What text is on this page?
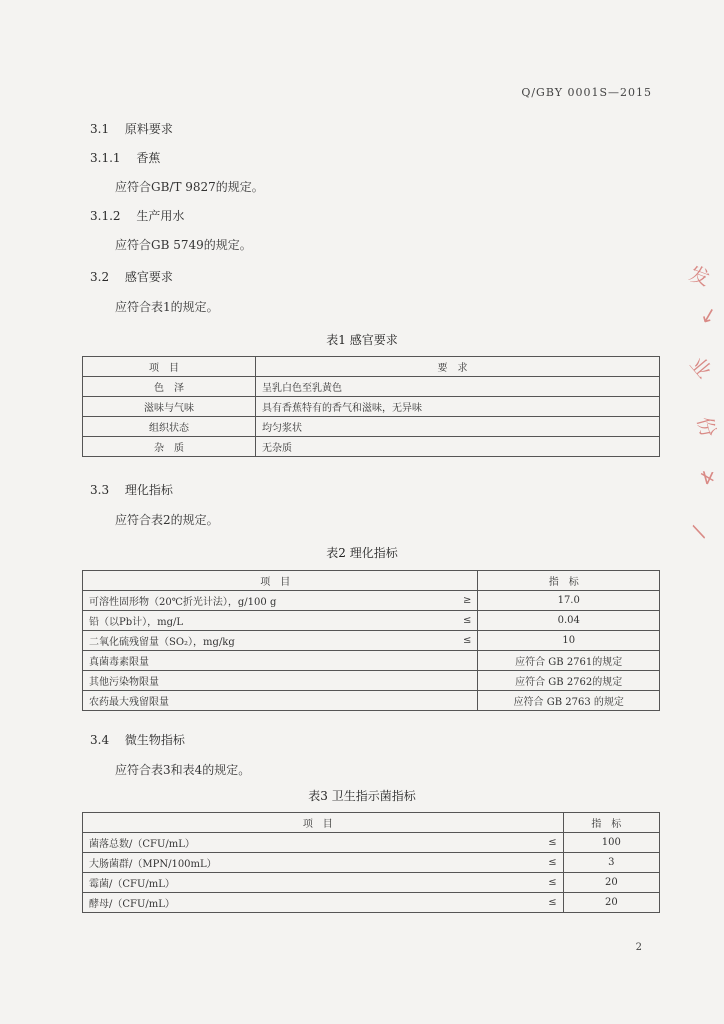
Q/GBY 0001S—2015
3.1 原料要求
3.1.1 香蕉
应符合GB/T 9827的规定。
3.1.2 生产用水
应符合GB 5749的规定。
3.2 感官要求
应符合表1的规定。
表1 感官要求
项目	要求
色　泽	呈乳白色至乳黄色
滋味与气味	具有香蕉特有的香气和滋味，无异味
组织状态	均匀浆状
杂　质	无杂质
3.3 理化指标
应符合表2的规定。
表2 理化指标
项目		指标
可溶性固形物（20℃折光计法），g/100 g	≥	17.0
铅（以Pb计），mg/L	≤	0.04
二氧化硫残留量（SO₂），mg/kg	≤	10
真菌毒素限量		应符合 GB 2761的规定
其他污染物限量		应符合 GB 2762的规定
农药最大残留限量		应符合 GB 2763 的规定
3.4 微生物指标
应符合表3和表4的规定。
表3 卫生指示菌指标
项目		指标
菌落总数/（CFU/mL）	≤	100
大肠菌群/（MPN/100mL）	≤	3
霉菌/（CFU/mL）	≤	20
酵母/（CFU/mL）	≤	20
2
发
↓
业
份
≯
/
